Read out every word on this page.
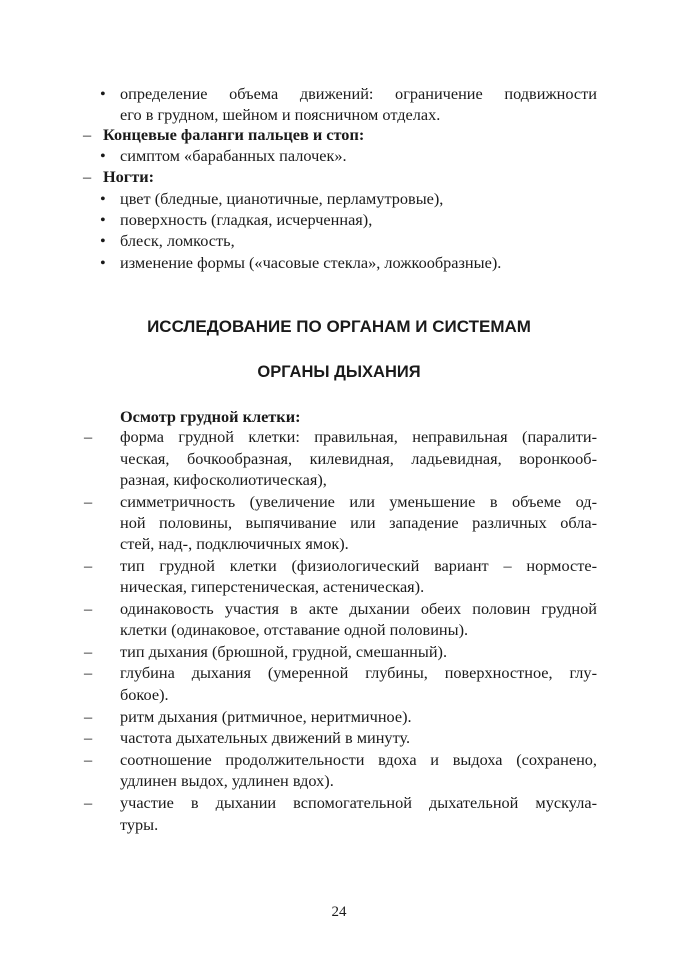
• определение объема движений: ограничение подвижности
его в грудном, шейном и поясничном отделах.
– Концевые фаланги пальцев и стоп:
• симптом «барабанных палочек».
– Ногти:
• цвет (бледные, цианотичные, перламутровые),
• поверхность (гладкая, исчерченная),
• блеск, ломкость,
• изменение формы («часовые стекла», ложкообразные).
ИССЛЕДОВАНИЕ ПО ОРГАНАМ И СИСТЕМАМ
ОРГАНЫ ДЫХАНИЯ
Осмотр грудной клетки:
– форма грудной клетки: правильная, неправильная (паралити-
ческая, бочкообразная, килевидная, ладьевидная, воронкооб-
разная, кифосколиотическая),
– симметричность (увеличение или уменьшение в объеме од-
ной половины, выпячивание или западение различных обла-
стей, над-, подключичных ямок).
– тип грудной клетки (физиологический вариант – нормосте-
ническая, гиперстеническая, астеническая).
– одинаковость участия в акте дыхании обеих половин грудной
клетки (одинаковое, отставание одной половины).
– тип дыхания (брюшной, грудной, смешанный).
– глубина дыхания (умеренной глубины, поверхностное, глу-
бокое).
– ритм дыхания (ритмичное, неритмичное).
– частота дыхательных движений в минуту.
– соотношение продолжительности вдоха и выдоха (сохранено,
удлинен выдох, удлинен вдох).
– участие в дыхании вспомогательной дыхательной мускула-
туры.
24
